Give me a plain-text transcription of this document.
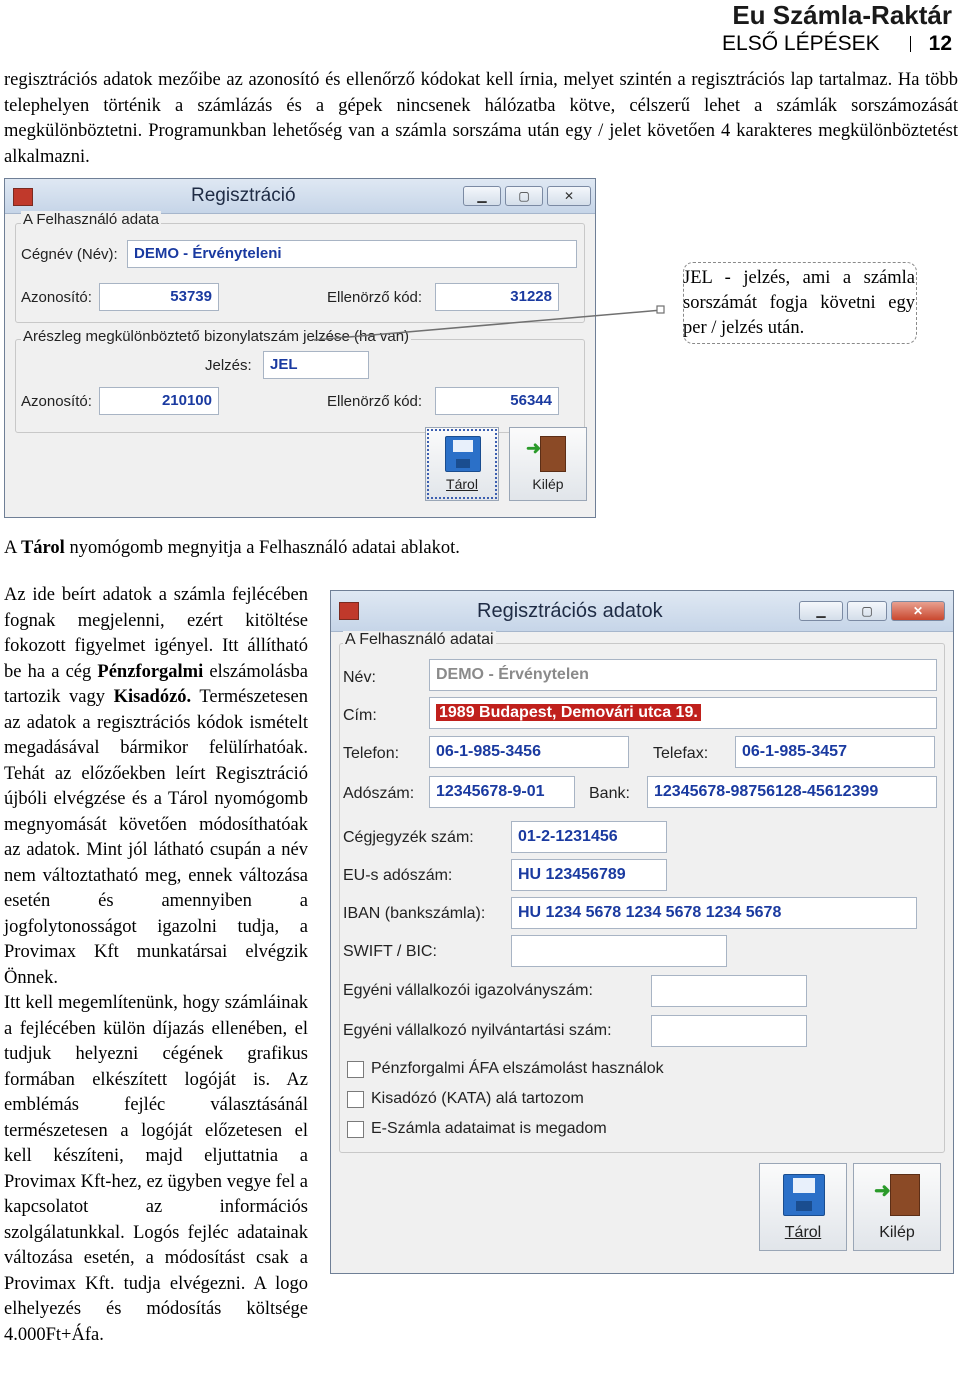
Eu Számla-Raktár
ELSŐ LÉPÉSEK 12

regisztrációs adatok mezőibe az azonosító és ellenőrző kódokat kell írnia, melyet szintén a regisztrációs lap tartalmaz. Ha több telephelyen történik a számlázás és a gépek nincsenek hálózatba kötve, célszerű lehet a számlák sorszámozását megkülönböztetni. Programunkban lehetőség van a számla sorszáma után egy / jelet követően 4 karakteres megkülönböztetést alkalmazni.

Regisztráció	▁	▢	✕
A Felhasználó adata
Cégnév (Név):	DEMO - Érvényteleni
Azonosító:	53739	Ellenörző kód:	31228
Arészleg megkülönböztető bizonylatszám jelzése (ha van)
Jelzés:	JEL
Azonosító:	210100	Ellenörző kód:	56344
Tárol
➜
Kilép
JEL - jelzés, ami a számla sorszámát fogja követni egy per / jelzés után.

A Tárol nyomógomb megnyitja a Felhasználó adatai ablakot.

Az ide beírt adatok a számla fejlécében fognak megjelenni, ezért kitöltése fokozott figyelmet igényel. Itt állítható be ha a cég Pénzforgalmi elszámolásba tartozik vagy Kisadózó. Természetesen az adatok a regisztrációs kódok ismételt megadásával bármikor felülírhatóak. Tehát az előzőekben leírt Regisztráció újbóli elvégzése és a Tárol nyomógomb megnyomását követően módosíthatóak az adatok. Mint jól látható csupán a név nem változtatható meg, ennek változása esetén és amennyiben a jogfolytonosságot igazolni tudja, a Provimax Kft munkatársai elvégzik Önnek.

Itt kell megemlítenünk, hogy számláinak a fejlécében külön díjazás ellenében, el tudjuk helyezni cégének grafikus formában elkészített logóját is. Az emblémás fejléc választásánál természetesen a logóját előzetesen el kell készíteni, majd eljuttatnia a Provimax Kft-hez, ez ügyben vegye fel a kapcsolatot az információs szolgálatunkkal. Logós fejléc adatainak változása esetén, a módosítást csak a Provimax Kft. tudja elvégezni. A logo elhelyezés és módosítás költsége 4.000Ft+Áfa.

Regisztrációs adatok	▁	▢	✕
A Felhasználó adatai
Név:	DEMO - Érvénytelen
Cím:	1989 Budapest, Demovári utca 19.
Telefon:	06-1-985-3456	Telefax:	06-1-985-3457
Adószám:	12345678-9-01	Bank:	12345678-98756128-45612399
Cégjegyzék szám:	01-2-1231456
EU-s adószám:	HU 123456789
IBAN (bankszámla):	HU 1234 5678 1234 5678 1234 5678
SWIFT / BIC:
Egyéni vállalkozói igazolványszám:
Egyéni vállalkozó nyilvántartási szám:
Pénzforgalmi ÁFA elszámolást használok
Kisadózó (KATA) alá tartozom
E-Számla adataimat is megadom
Tárol
➜
Kilép
